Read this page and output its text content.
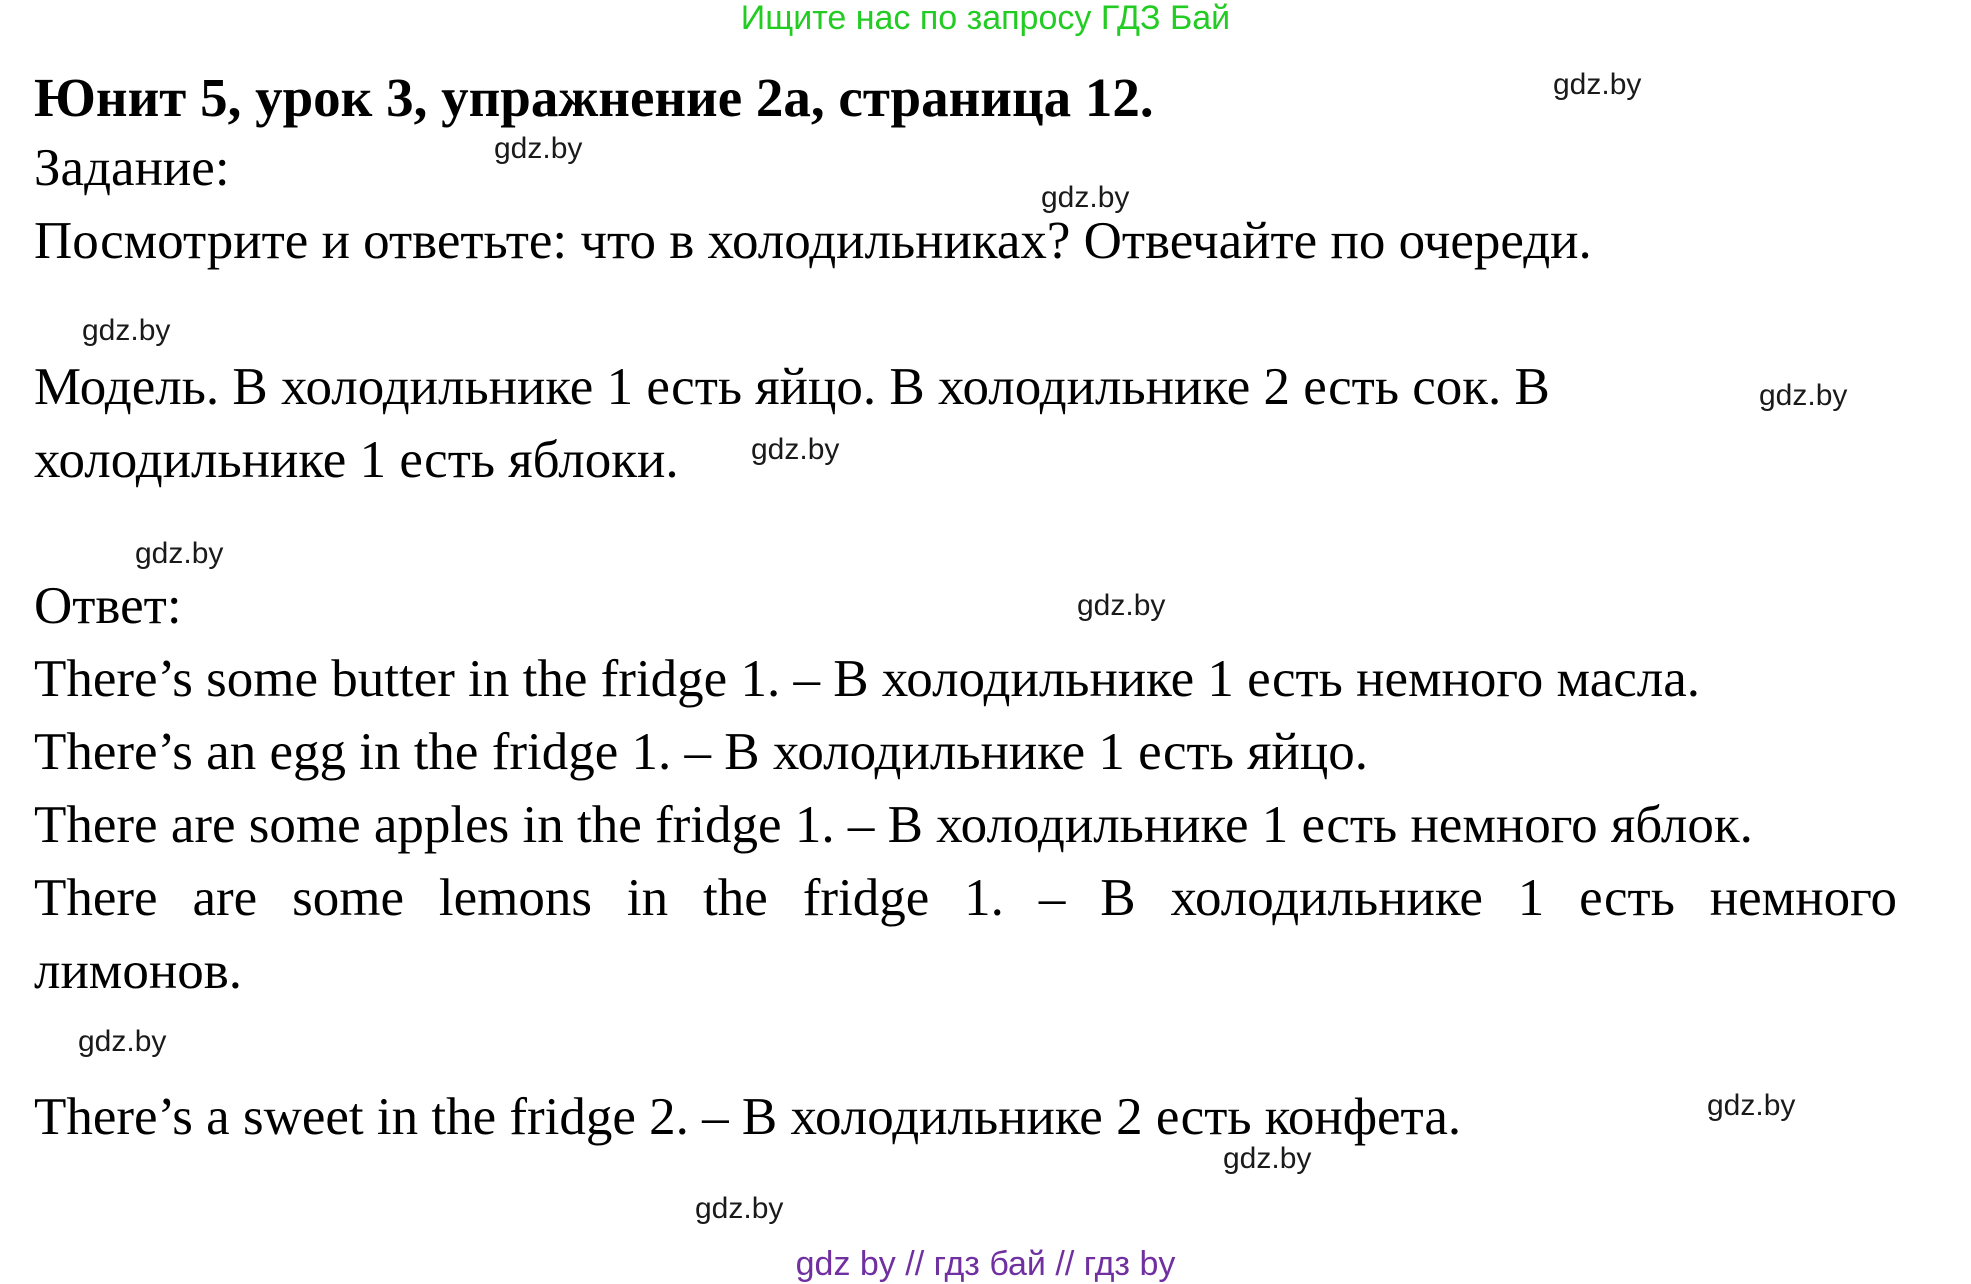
Ищите нас по запросу ГДЗ Бай
Юнит 5, урок 3, упражнение 2а, страница 12.
Задание:
Посмотрите и ответьте: что в холодильниках? Отвечайте по очереди.
Модель. В холодильнике 1 есть яйцо. В холодильнике 2 есть сок. В
холодильнике 1 есть яблоки.
Ответ:
There’s some butter in the fridge 1. – В холодильнике 1 есть немного масла.
There’s an egg in the fridge 1. – В холодильнике 1 есть яйцо.
There are some apples in the fridge 1. – В холодильнике 1 есть немного яблок.
There are some lemons in the fridge 1. – В холодильнике 1 есть немного
лимонов.
There’s a sweet in the fridge 2. – В холодильнике 2 есть конфета.
gdz.by
gdz.by
gdz.by
gdz.by
gdz.by
gdz.by
gdz.by
gdz.by
gdz.by
gdz.by
gdz.by
gdz.by
gdz by // гдз бай // гдз by
